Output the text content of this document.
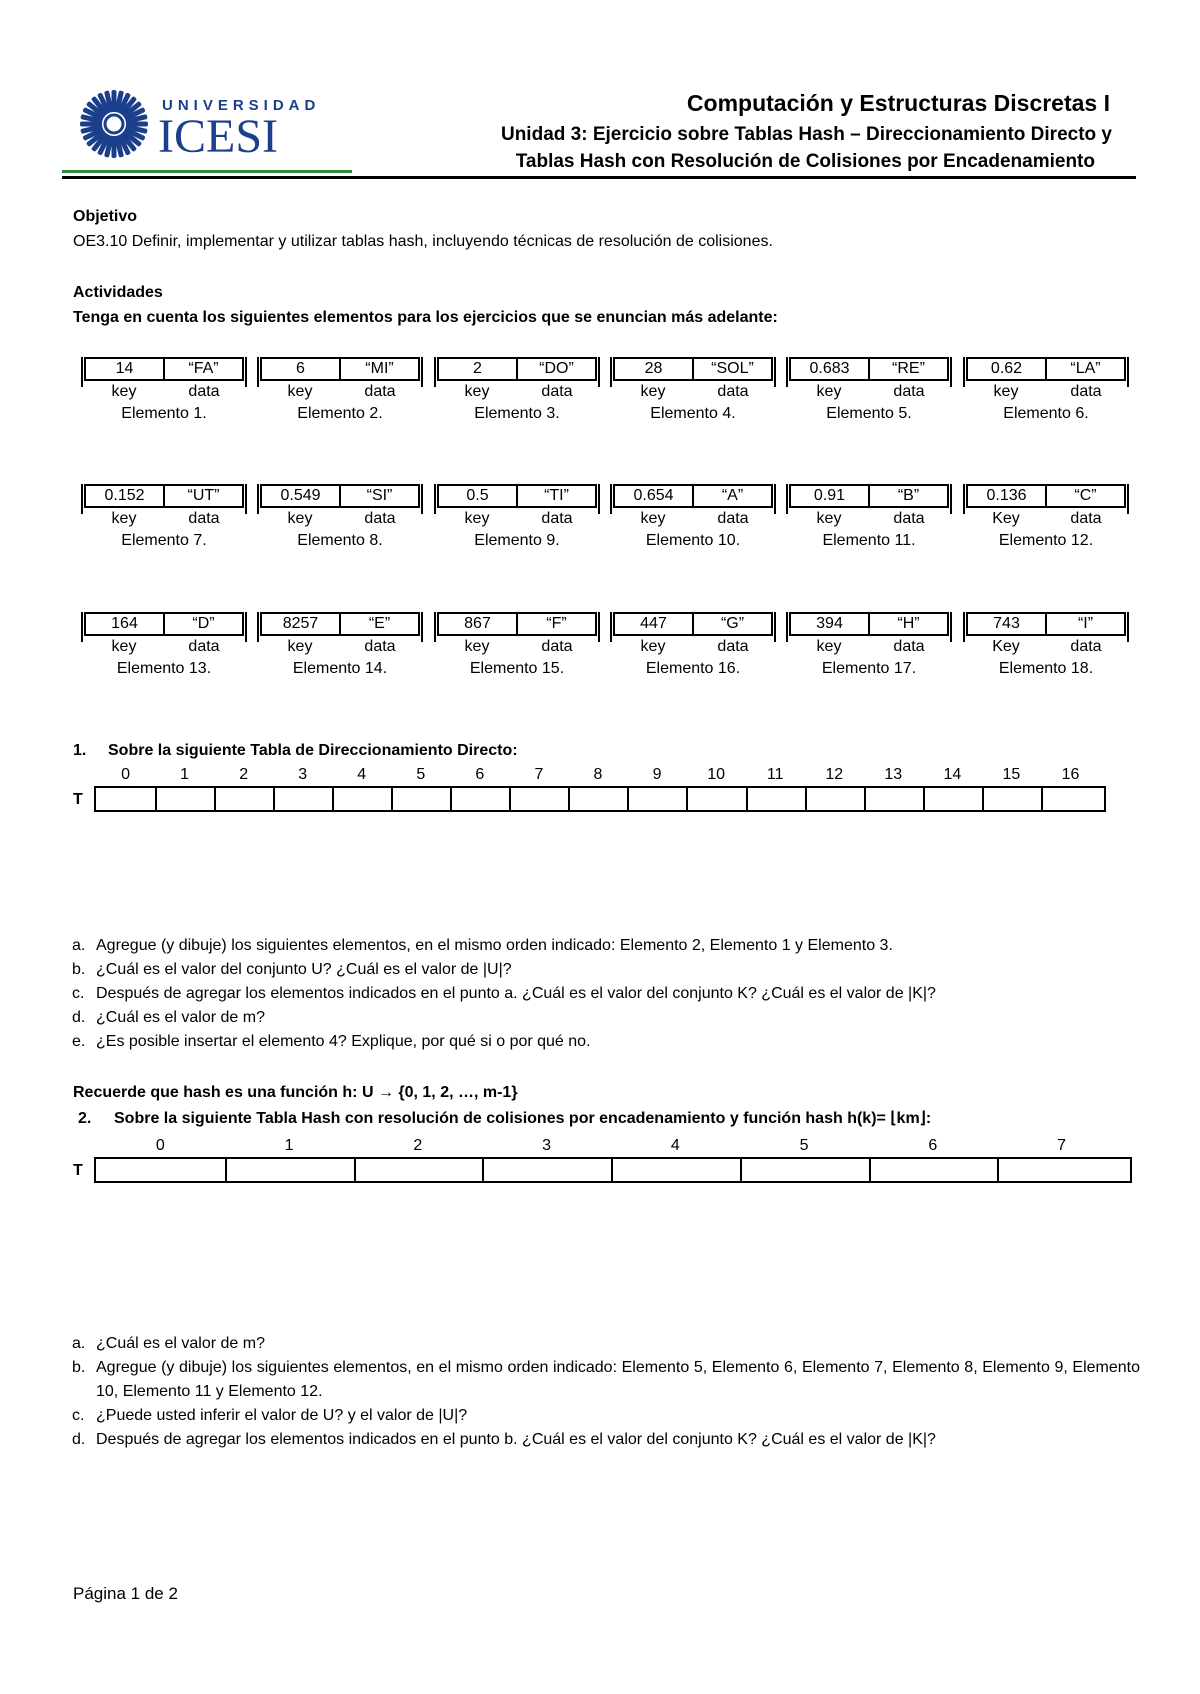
UNIVERSIDAD
ICESI
Computación y Estructuras Discretas I
Unidad 3: Ejercicio sobre Tablas Hash – Direccionamiento Directo y
Tablas Hash con Resolución de Colisiones por Encadenamiento
Objetivo
OE3.10 Definir, implementar y utilizar tablas hash, incluyendo técnicas de resolución de colisiones.
Actividades
Tenga en cuenta los siguientes elementos para los ejercicios que se enuncian más adelante:
14	“FA”
key	data
Elemento 1.
6	“MI”
key	data
Elemento 2.
2	“DO”
key	data
Elemento 3.
28	“SOL”
key	data
Elemento 4.
0.683	“RE”
key	data
Elemento 5.
0.62	“LA”
key	data
Elemento 6.
0.152	“UT”
key	data
Elemento 7.
0.549	“SI”
key	data
Elemento 8.
0.5	“TI”
key	data
Elemento 9.
0.654	“A”
key	data
Elemento 10.
0.91	“B”
key	data
Elemento 11.
0.136	“C”
Key	data
Elemento 12.
164	“D”
key	data
Elemento 13.
8257	“E”
key	data
Elemento 14.
867	“F”
key	data
Elemento 15.
447	“G”
key	data
Elemento 16.
394	“H”
key	data
Elemento 17.
743	“I”
Key	data
Elemento 18.
1. Sobre la siguiente Tabla de Direccionamiento Directo:
0	1	2	3	4	5	6	7	8	9	10	11	12	13	14	15	16
T
a. Agregue (y dibuje) los siguientes elementos, en el mismo orden indicado: Elemento 2, Elemento 1 y Elemento 3.
b. ¿Cuál es el valor del conjunto U? ¿Cuál es el valor de |U|?
c. Después de agregar los elementos indicados en el punto a. ¿Cuál es el valor del conjunto K? ¿Cuál es el valor de |K|?
d. ¿Cuál es el valor de m?
e. ¿Es posible insertar el elemento 4? Explique, por qué si o por qué no.
Recuerde que hash es una función h: U → {0, 1, 2, …, m-1}
2. Sobre la siguiente Tabla Hash con resolución de colisiones por encadenamiento y función hash h(k)= ⌊km⌋:
0	1	2	3	4	5	6	7
T
a. ¿Cuál es el valor de m?
b. Agregue (y dibuje) los siguientes elementos, en el mismo orden indicado: Elemento 5, Elemento 6, Elemento 7, Elemento 8, Elemento 9, Elemento 10, Elemento 11 y Elemento 12.
c. ¿Puede usted inferir el valor de U? y el valor de |U|?
d. Después de agregar los elementos indicados en el punto b. ¿Cuál es el valor del conjunto K? ¿Cuál es el valor de |K|?
Página 1 de 2
